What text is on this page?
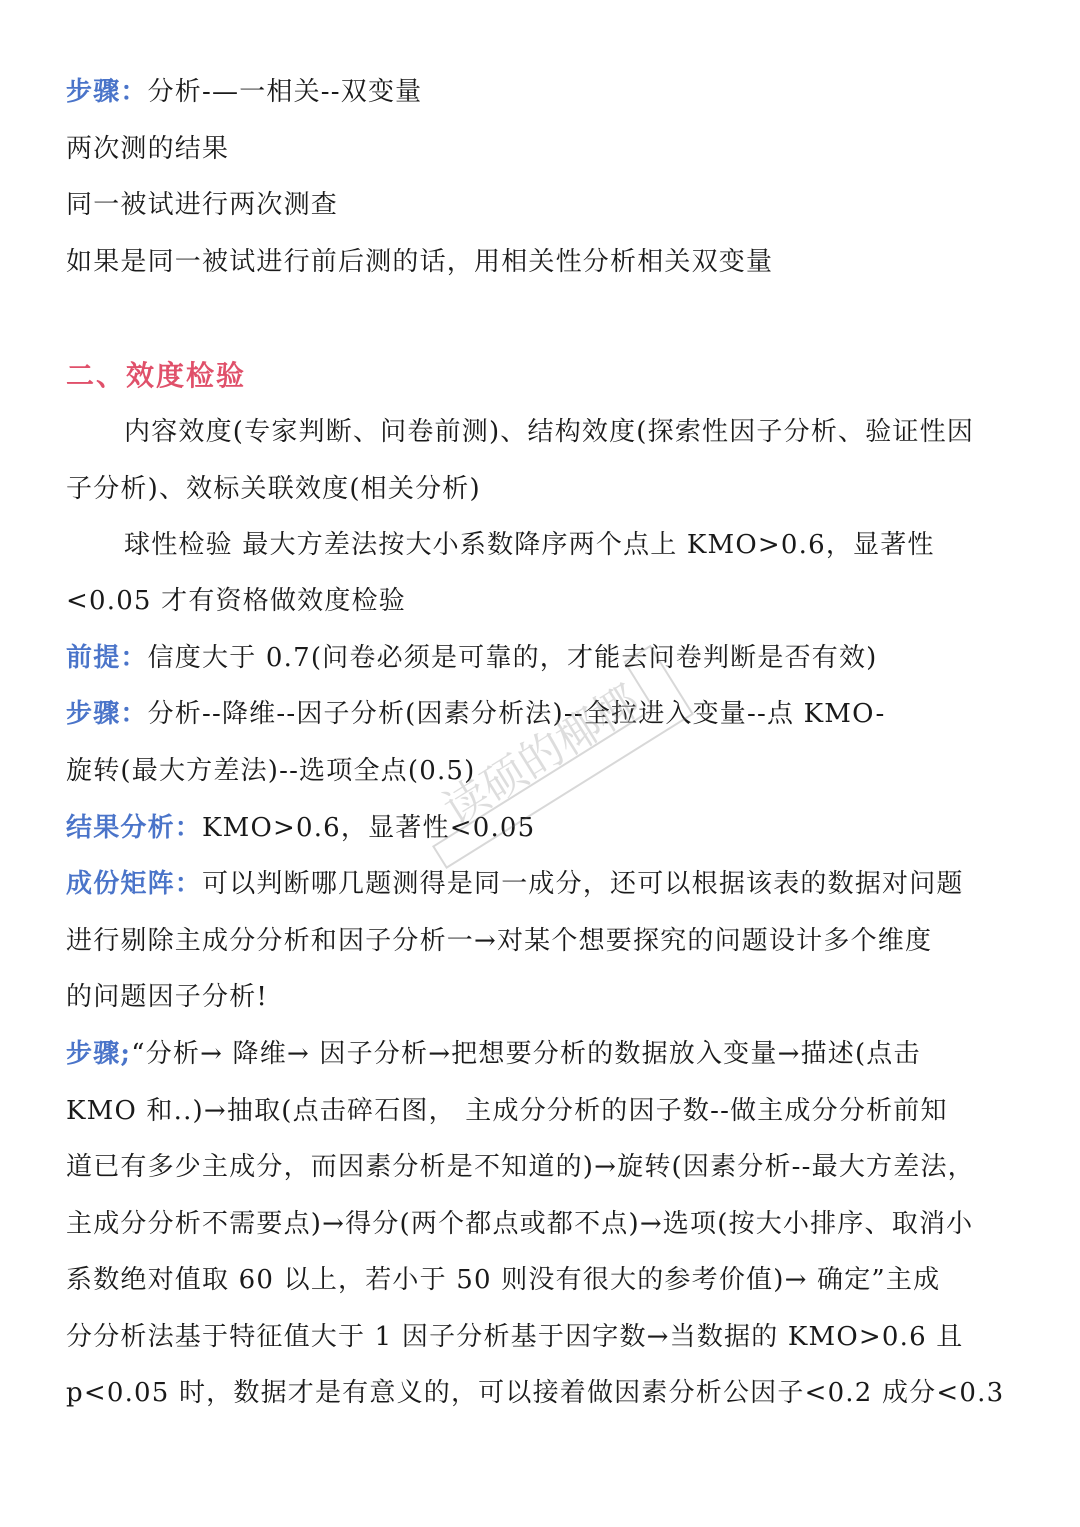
步骤：分析-—一相关--双变量
两次测的结果
同一被试进行两次测查
如果是同一被试进行前后测的话，用相关性分析相关双变量
二、效度检验
内容效度(专家判断、问卷前测)、结构效度(探索性因子分析、验证性因
子分析)、效标关联效度(相关分析)
球性检验 最大方差法按大小系数降序两个点上 KMO>0.6，显著性
<0.05 才有资格做效度检验
前提：信度大于 0.7(问卷必须是可靠的，才能去问卷判断是否有效)
步骤：分析--降维--因子分析(因素分析法)--全拉进入变量--点 KMO-
旋转(最大方差法)--选项全点(0.5)
结果分析：KMO>0.6，显著性<0.05
成份矩阵：可以判断哪几题测得是同一成分，还可以根据该表的数据对问题
进行剔除主成分分析和因子分析一→对某个想要探究的问题设计多个维度
的问题因子分析!
步骤;“分析→ 降维→ 因子分析→把想要分析的数据放入变量→描述(点击
KMO 和..)→抽取(点击碎石图， 主成分分析的因子数--做主成分分析前知
道已有多少主成分，而因素分析是不知道的)→旋转(因素分析--最大方差法，
主成分分析不需要点)→得分(两个都点或都不点)→选项(按大小排序、取消小
系数绝对值取 60 以上，若小于 50 则没有很大的参考价值)→ 确定”主成
分分析法基于特征值大于 1 因子分析基于因字数→当数据的 KMO>0.6 且
p<0.05 时，数据才是有意义的，可以接着做因素分析公因子<0.2 成分<0.3
读硕的椰椰
